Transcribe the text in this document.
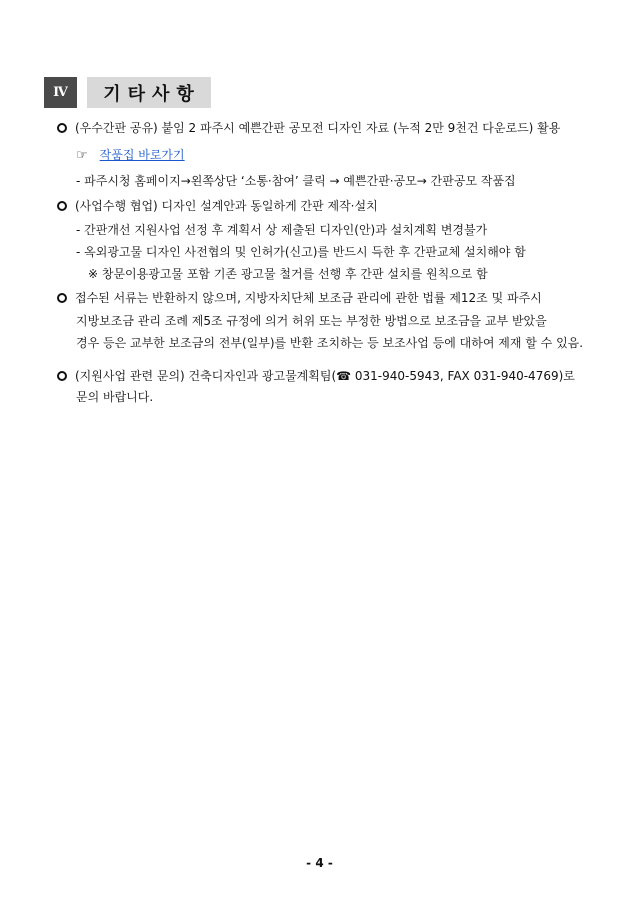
Ⅳ	기타사항
(우수간판 공유) 붙임 2 파주시 예쁜간판 공모전 디자인 자료 (누적 2만 9천건 다운로드) 활용
☞ 작품집 바로가기
- 파주시청 홈페이지→왼쪽상단 ‘소통·참여’ 클릭 → 예쁜간판·공모→ 간판공모 작품집
(사업수행 협업) 디자인 설계안과 동일하게 간판 제작·설치
- 간판개선 지원사업 선정 후 계획서 상 제출된 디자인(안)과 설치계획 변경불가
- 옥외광고물 디자인 사전협의 및 인허가(신고)를 반드시 득한 후 간판교체 설치해야 함
※ 창문이용광고물 포함 기존 광고물 철거를 선행 후 간판 설치를 원칙으로 함
접수된 서류는 반환하지 않으며, 지방자치단체 보조금 관리에 관한 법률 제12조 및 파주시
지방보조금 관리 조례 제5조 규정에 의거 허위 또는 부정한 방법으로 보조금을 교부 받았을
경우 등은 교부한 보조금의 전부(일부)를 반환 조치하는 등 보조사업 등에 대하여 제재 할 수 있음.
(지원사업 관련 문의) 건축디자인과 광고물계획팀(☎ 031-940-5943, FAX 031-940-4769)로
문의 바랍니다.
- 4 -
